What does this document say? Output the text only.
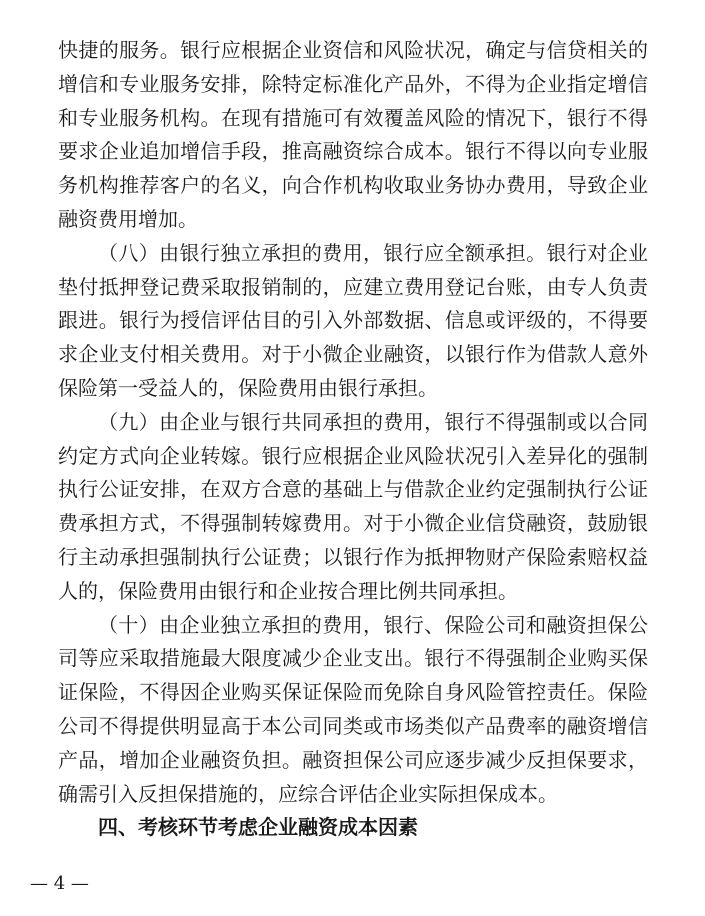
快捷的服务。银行应根据企业资信和风险状况，确定与信贷相关的
增信和专业服务安排，除特定标准化产品外，不得为企业指定增信
和专业服务机构。在现有措施可有效覆盖风险的情况下，银行不得
要求企业追加增信手段，推高融资综合成本。银行不得以向专业服
务机构推荐客户的名义，向合作机构收取业务协办费用，导致企业
融资费用增加。
（八）由银行独立承担的费用，银行应全额承担。银行对企业
垫付抵押登记费采取报销制的，应建立费用登记台账，由专人负责
跟进。银行为授信评估目的引入外部数据、信息或评级的，不得要
求企业支付相关费用。对于小微企业融资，以银行作为借款人意外
保险第一受益人的，保险费用由银行承担。
（九）由企业与银行共同承担的费用，银行不得强制或以合同
约定方式向企业转嫁。银行应根据企业风险状况引入差异化的强制
执行公证安排，在双方合意的基础上与借款企业约定强制执行公证
费承担方式，不得强制转嫁费用。对于小微企业信贷融资，鼓励银
行主动承担强制执行公证费；以银行作为抵押物财产保险索赔权益
人的，保险费用由银行和企业按合理比例共同承担。
（十）由企业独立承担的费用，银行、保险公司和融资担保公
司等应采取措施最大限度减少企业支出。银行不得强制企业购买保
证保险，不得因企业购买保证保险而免除自身风险管控责任。保险
公司不得提供明显高于本公司同类或市场类似产品费率的融资增信
产品，增加企业融资负担。融资担保公司应逐步减少反担保要求，
确需引入反担保措施的，应综合评估企业实际担保成本。
四、考核环节考虑企业融资成本因素
— 4 —
